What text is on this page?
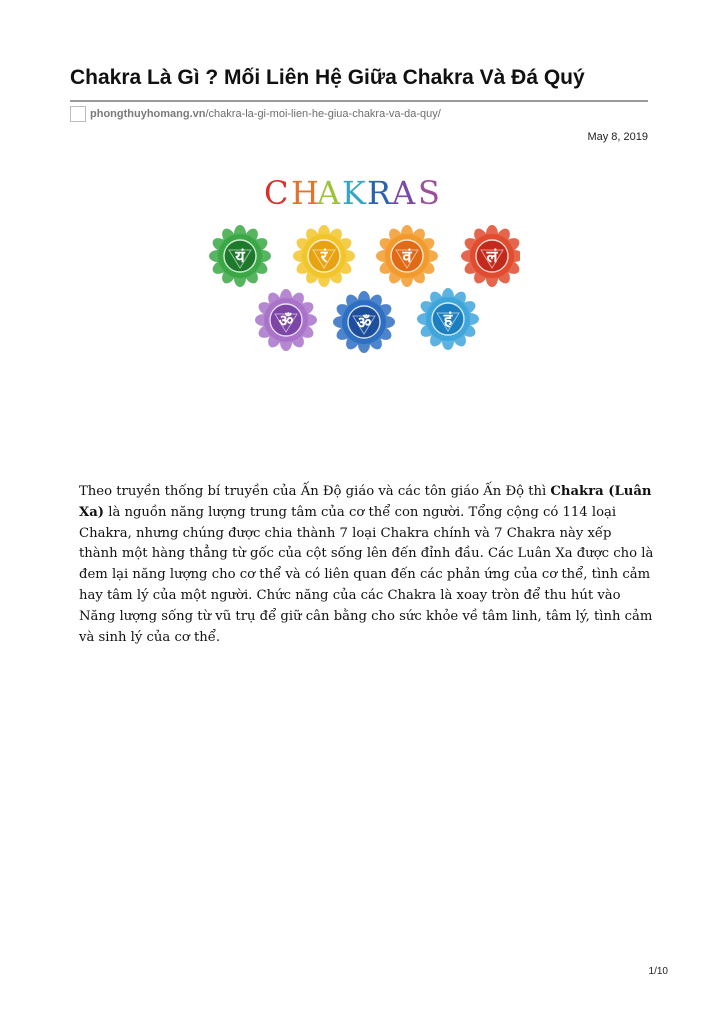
Chakra Là Gì ? Mối Liên Hệ Giữa Chakra Và Đá Quý
phongthuyhomang.vn/chakra-la-gi-moi-lien-he-giua-chakra-va-da-quy/
May 8, 2019
C H
A K R A S
यं	रं	वं	लं
ॐ	ॐ	हं

Theo truyền thống bí truyền của Ấn Độ giáo và các tôn giáo Ấn Độ thì Chakra (Luân Xa) là nguồn năng lượng trung tâm của cơ thể con người. Tổng cộng có 114 loại Chakra, nhưng chúng được chia thành 7 loại Chakra chính và 7 Chakra này xếp thành một hàng thẳng từ gốc của cột sống lên đến đỉnh đầu. Các Luân Xa được cho là đem lại năng lượng cho cơ thể và có liên quan đến các phản ứng của cơ thể, tình cảm hay tâm lý của một người. Chức năng của các Chakra là xoay tròn để thu hút vào Năng lượng sống từ vũ trụ để giữ cân bằng cho sức khỏe về tâm linh, tâm lý, tình cảm và sinh lý của cơ thể.

1/10
